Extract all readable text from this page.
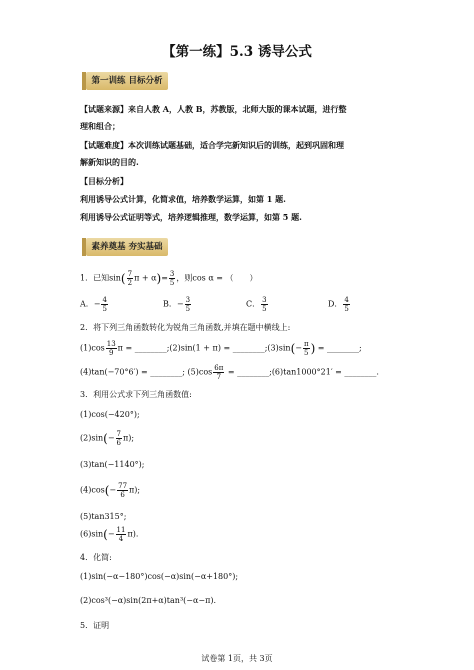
【第一练】5.3 诱导公式
第一训练 目标分析
【试题来源】来自人教 A，人教 B，苏教版，北师大版的课本试题，进行整
理和组合；
【试题难度】本次训练试题基础，适合学完新知识后的训练，起到巩固和理
解新知识的目的.
【目标分析】
利用诱导公式计算，化简求值，培养数学运算，如第 1 题.
利用诱导公式证明等式，培养逻辑推理，数学运算，如第 5 题.
素养奠基 夯实基础
1．已知$\sin( \frac{7}{2}$ $\pi + \alpha)= \frac{3}{5}$ ，则cos α = （　　）
A．− $\frac{4}{5}$	B．− $\frac{3}{5}$	C． $\frac{3}{5}$	D． $\frac{4}{5}$
2．将下列三角函数转化为锐角三角函数,并填在题中横线上:
$(1)\cos \frac{13}{9}$ π = ________;(2)sin(1 + π) = ________;(3)sin(− $\frac{\pi}{5}$ ) = ________;
(4)tan(−70°6′) = ________; $(5)\cos \frac{6\pi}{7}$ = ________;(6)tan1000°21′ = ________.
3．利用公式求下列三角函数值:
(1)cos(−420°);
$(2)\sin(- \frac{7}{6} \pi)$;
(3)tan(−1140°);
$(4)\cos(- \frac{77}{6} \pi)$;
(5)tan315°;
$(6)\sin(- \frac{11}{4} \pi)$.
4．化简:
(1)sin(−α−180°)cos(−α)sin(−α+180°);
(2)cos³(−α)sin(2π+α)tan³(−α−π).
5．证明
试卷第 1页，共 3页
